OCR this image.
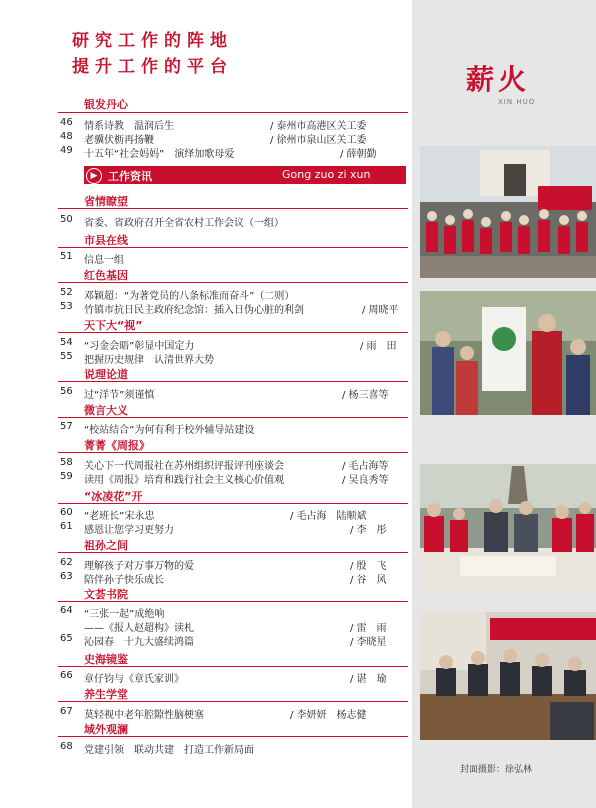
研究工作的阵地
提升工作的平台
银发丹心
46	情系诗教　温润后生	/ 泰州市高港区关工委
48	老骥伏枥再扬鞭	/ 徐州市泉山区关工委
49	十五年“社会妈妈”　演绎加歌母爱	/ 薛朝勤
▶ 工作资讯	Gong zuo zi xun
省情瞭望
50	省委、省政府召开全省农村工作会议（一组）
市县在线
51	信息一组
红色基因
52	邓颖超：“为著党员的八条标准而奋斗”（二则）
53	竹镇市抗日民主政府纪念馆：插入日伪心脏的利剑	/ 周晓平
天下大“视”
54	“习金会晤”彰显中国定力	/ 雨　田
55	把握历史规律　认清世界大势
说理论道
56	过“洋节”须谨慎	/ 杨三喜等
微言大义
57	“校站结合”为何有利于校外辅导站建设
菁菁《周报》
58	关心下一代周报社在苏州组织评报评刊座谈会	/ 毛占海等
59	读用《周报》培育和践行社会主义核心价值观	/ 吴良秀等
“冰凌花”开
60	“老班长”宋永忠	/ 毛占海　陆顺斌
61	感恩让您学习更努力	/ 李　彤
祖孙之间
62	理解孩子对万事万物的爱	/ 殷　飞
63	陪伴孙子快乐成长	/ 谷　风
文荟书院
64	“三张一起”成绝响
——《报人赵超构》读札	/ 雷　雨
65	沁园春　十九大盛续鸿篇	/ 李晓星
史海镜鉴
66	章仔钧与《章氏家训》	/ 谌　瑜
养生学堂
67	莫轻视中老年腔隙性脑梗塞	/ 李妍妍　杨志健
域外观澜
68	党建引领　联动共建　打造工作新局面
薪火
XIN HUO
封面摄影：徐弘林
